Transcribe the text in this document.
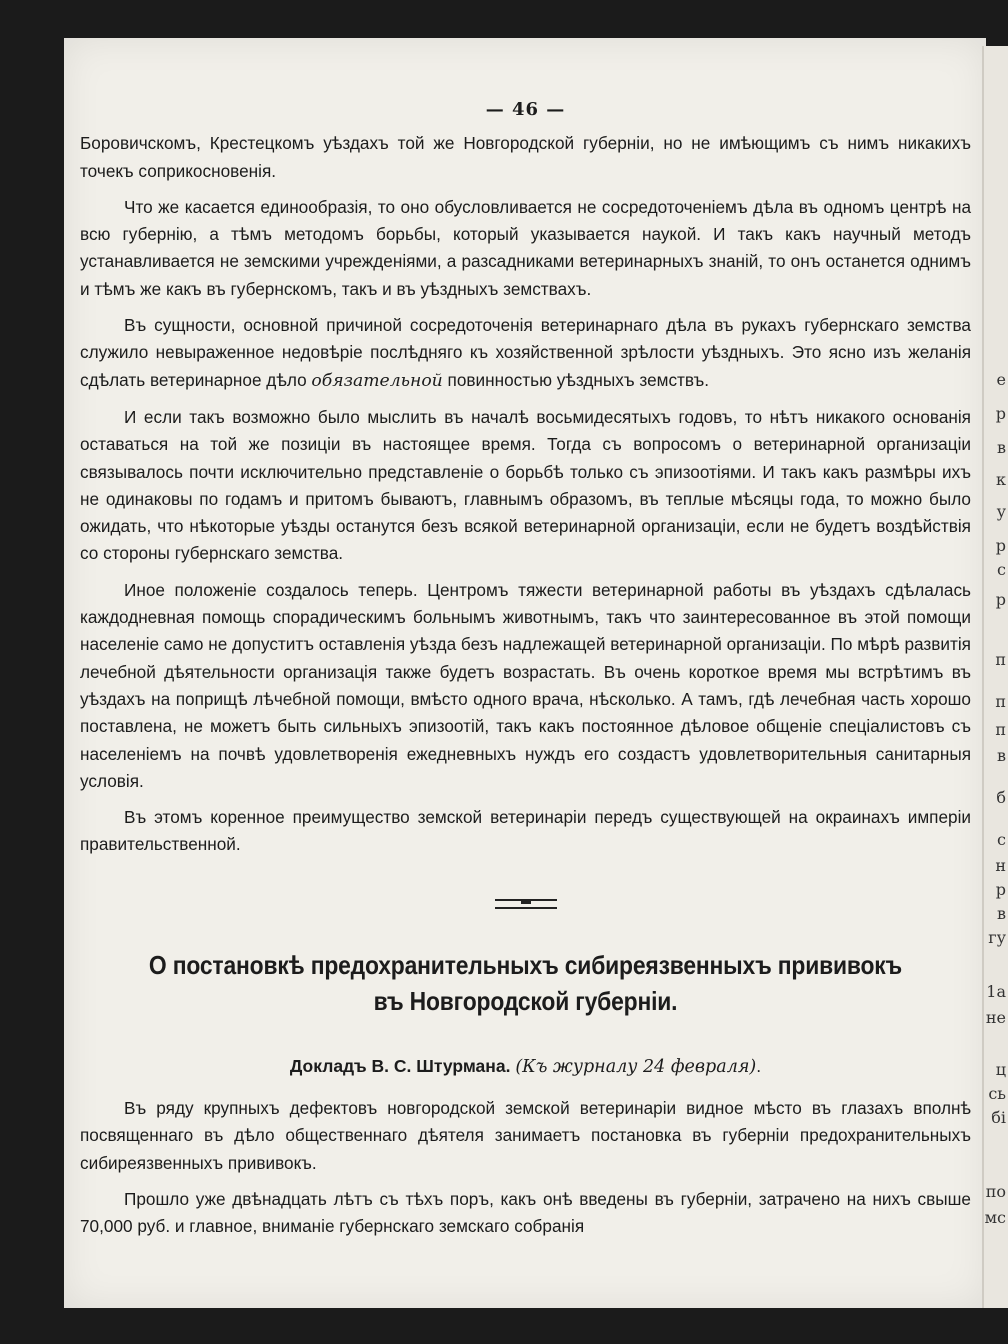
е
р
в
к
у
р
с
р
п
п
п
в
б
с
н
р
в
гу
1а
не
ц
сь
бі
по
мс
— 46 —

Боровичскомъ, Крестецкомъ уѣздахъ той же Новгородской губерніи, но не имѣющимъ съ нимъ никакихъ точекъ соприкосновенія.

Что же касается единообразія, то оно обусловливается не сосредоточеніемъ дѣла въ одномъ центрѣ на всю губернію, а тѣмъ методомъ борьбы, который указывается наукой. И такъ какъ научный методъ устанавливается не земскими учрежденіями, а разсадниками ветеринарныхъ знаній, то онъ останется однимъ и тѣмъ же какъ въ губернскомъ, такъ и въ уѣздныхъ земствахъ.

Въ сущности, основной причиной сосредоточенія ветеринарнаго дѣла въ рукахъ губернскаго земства служило невыраженное недовѣріе послѣдняго къ хозяйственной зрѣлости уѣздныхъ. Это ясно изъ желанія сдѣлать ветеринарное дѣло обязательной повинностью уѣздныхъ земствъ.

И если такъ возможно было мыслить въ началѣ восьмидесятыхъ годовъ, то нѣтъ никакого основанія оставаться на той же позиціи въ настоящее время. Тогда съ вопросомъ о ветеринарной организаціи связывалось почти исключительно представленіе о борьбѣ только съ эпизоотіями. И такъ какъ размѣры ихъ не одинаковы по годамъ и притомъ бываютъ, главнымъ образомъ, въ теплые мѣсяцы года, то можно было ожидать, что нѣкоторые уѣзды останутся безъ всякой ветеринарной организаціи, если не будетъ воздѣйствія со стороны губернскаго земства.

Иное положеніе создалось теперь. Центромъ тяжести ветеринарной работы въ уѣздахъ сдѣлалась каждодневная помощь спорадическимъ больнымъ животнымъ, такъ что заинтересованное въ этой помощи населеніе само не допуститъ оставленія уѣзда безъ надлежащей ветеринарной организаціи. По мѣрѣ развитія лечебной дѣятельности организація также будетъ возрастать. Въ очень короткое время мы встрѣтимъ въ уѣздахъ на поприщѣ лѣчебной помощи, вмѣсто одного врача, нѣсколько. А тамъ, гдѣ лечебная часть хорошо поставлена, не можетъ быть сильныхъ эпизоотій, такъ какъ постоянное дѣловое общеніе спеціалистовъ съ населеніемъ на почвѣ удовлетворенія ежедневныхъ нуждъ его создастъ удовлетворительныя санитарныя условія.

Въ этомъ коренное преимущество земской ветеринаріи передъ существующей на окраинахъ имперіи правительственной.

О постановкѣ предохранительныхъ сибиреязвенныхъ прививокъ въ Новгородской губерніи.
Докладъ В. С. Штурмана. (Къ журналу 24 февраля).

Въ ряду крупныхъ дефектовъ новгородской земской ветеринаріи видное мѣсто въ глазахъ вполнѣ посвященнаго въ дѣло общественнаго дѣятеля занимаетъ постановка въ губерніи предохранительныхъ сибиреязвенныхъ прививокъ.

Прошло уже двѣнадцать лѣтъ съ тѣхъ поръ, какъ онѣ введены въ губерніи, затрачено на нихъ свыше 70,000 руб. и главное, вниманіе губернскаго земскаго собранія
